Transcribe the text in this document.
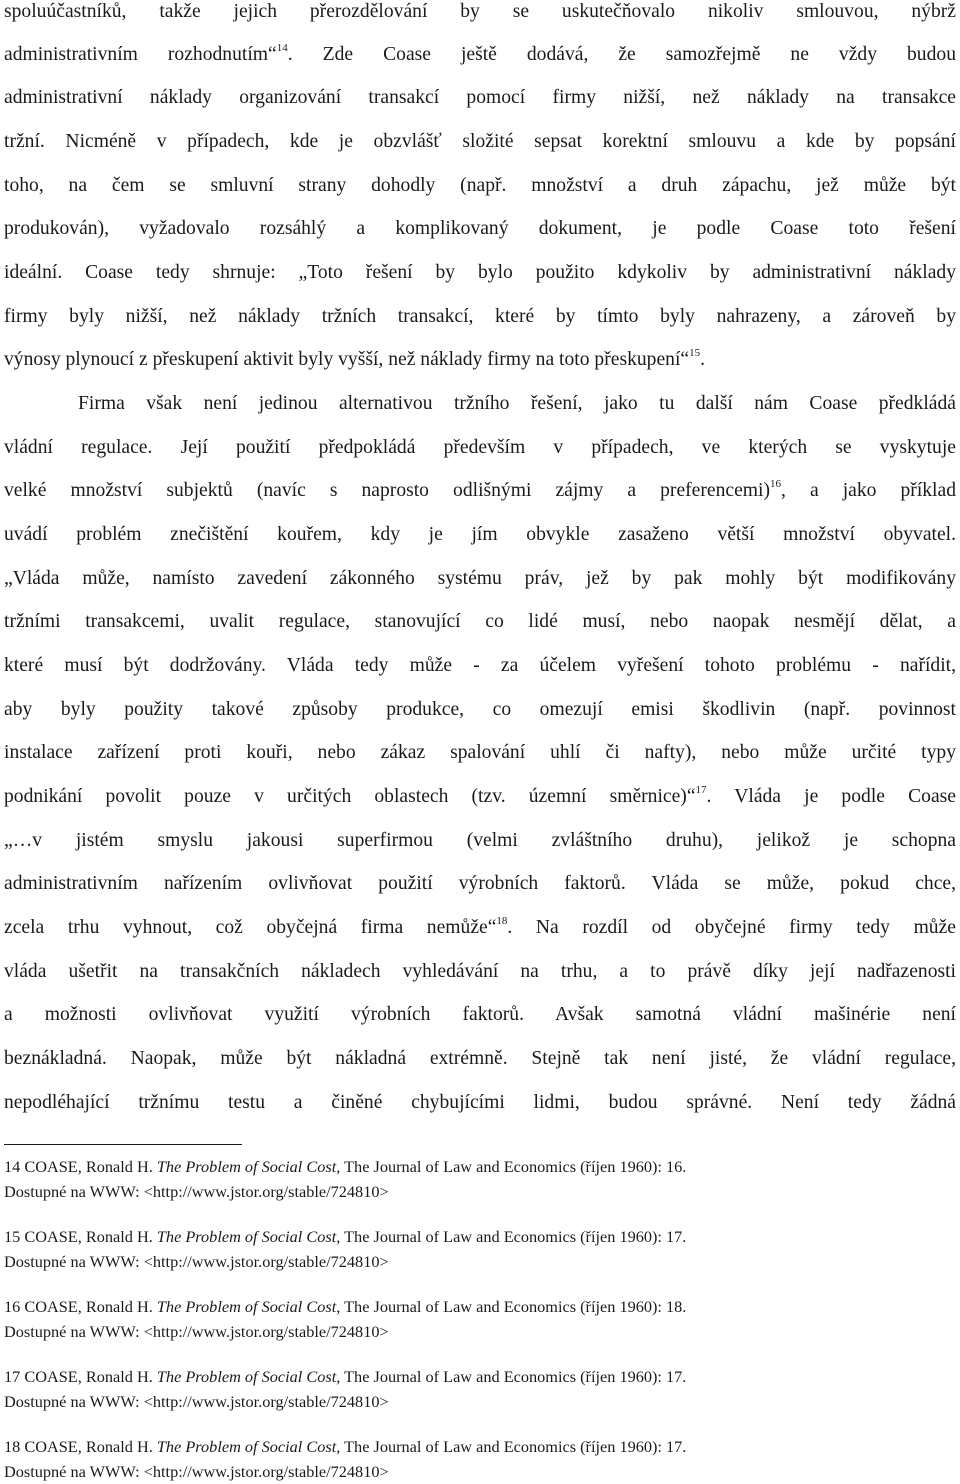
spoluúčastníků, takže jejich přerozdělování by se uskutečňovalo nikoliv smlouvou, nýbrž
administrativním rozhodnutím“$^{14}$. Zde Coase ještě dodává, že samozřejmě ne vždy budou
administrativní náklady organizování transakcí pomocí firmy nižší, než náklady na transakce
tržní. Nicméně v případech, kde je obzvlášť složité sepsat korektní smlouvu a kde by popsání
toho, na čem se smluvní strany dohodly (např. množství a druh zápachu, jež může být
produkován), vyžadovalo rozsáhlý a komplikovaný dokument, je podle Coase toto řešení
ideální. Coase tedy shrnuje: „Toto řešení by bylo použito kdykoliv by administrativní náklady
firmy byly nižší, než náklady tržních transakcí, které by tímto byly nahrazeny, a zároveň by
výnosy plynoucí z přeskupení aktivit byly vyšší, než náklady firmy na toto přeskupení“$^{15}$.
Firma však není jedinou alternativou tržního řešení, jako tu další nám Coase předkládá
vládní regulace. Její použití předpokládá především v případech, ve kterých se vyskytuje
velké množství subjektů (navíc s naprosto odlišnými zájmy a preferencemi)$^{16}$, a jako příklad
uvádí problém znečištění kouřem, kdy je jím obvykle zasaženo větší množství obyvatel.
„Vláda může, namísto zavedení zákonného systému práv, jež by pak mohly být modifikovány
tržními transakcemi, uvalit regulace, stanovující co lidé musí, nebo naopak nesmějí dělat, a
které musí být dodržovány. Vláda tedy může - za účelem vyřešení tohoto problému - nařídit,
aby byly použity takové způsoby produkce, co omezují emisi škodlivin (např. povinnost
instalace zařízení proti kouři, nebo zákaz spalování uhlí či nafty), nebo může určité typy
podnikání povolit pouze v určitých oblastech (tzv. územní směrnice)“$^{17}$. Vláda je podle Coase
„…v jistém smyslu jakousi superfirmou (velmi zvláštního druhu), jelikož je schopna
administrativním nařízením ovlivňovat použití výrobních faktorů. Vláda se může, pokud chce,
zcela trhu vyhnout, což obyčejná firma nemůže“$^{18}$. Na rozdíl od obyčejné firmy tedy může
vláda ušetřit na transakčních nákladech vyhledávání na trhu, a to právě díky její nadřazenosti
a možnosti ovlivňovat využití výrobních faktorů. Avšak samotná vládní mašinérie není
beznákladná. Naopak, může být nákladná extrémně. Stejně tak není jisté, že vládní regulace,
nepodléhající tržnímu testu a činěné chybujícími lidmi, budou správné. Není tedy žádná
14 COASE, Ronald H. The Problem of Social Cost, The Journal of Law and Economics (říjen 1960): 16.
Dostupné na WWW: <http://www.jstor.org/stable/724810>
15 COASE, Ronald H. The Problem of Social Cost, The Journal of Law and Economics (říjen 1960): 17.
Dostupné na WWW: <http://www.jstor.org/stable/724810>
16 COASE, Ronald H. The Problem of Social Cost, The Journal of Law and Economics (říjen 1960): 18.
Dostupné na WWW: <http://www.jstor.org/stable/724810>
17 COASE, Ronald H. The Problem of Social Cost, The Journal of Law and Economics (říjen 1960): 17.
Dostupné na WWW: <http://www.jstor.org/stable/724810>
18 COASE, Ronald H. The Problem of Social Cost, The Journal of Law and Economics (říjen 1960): 17.
Dostupné na WWW: <http://www.jstor.org/stable/724810>
